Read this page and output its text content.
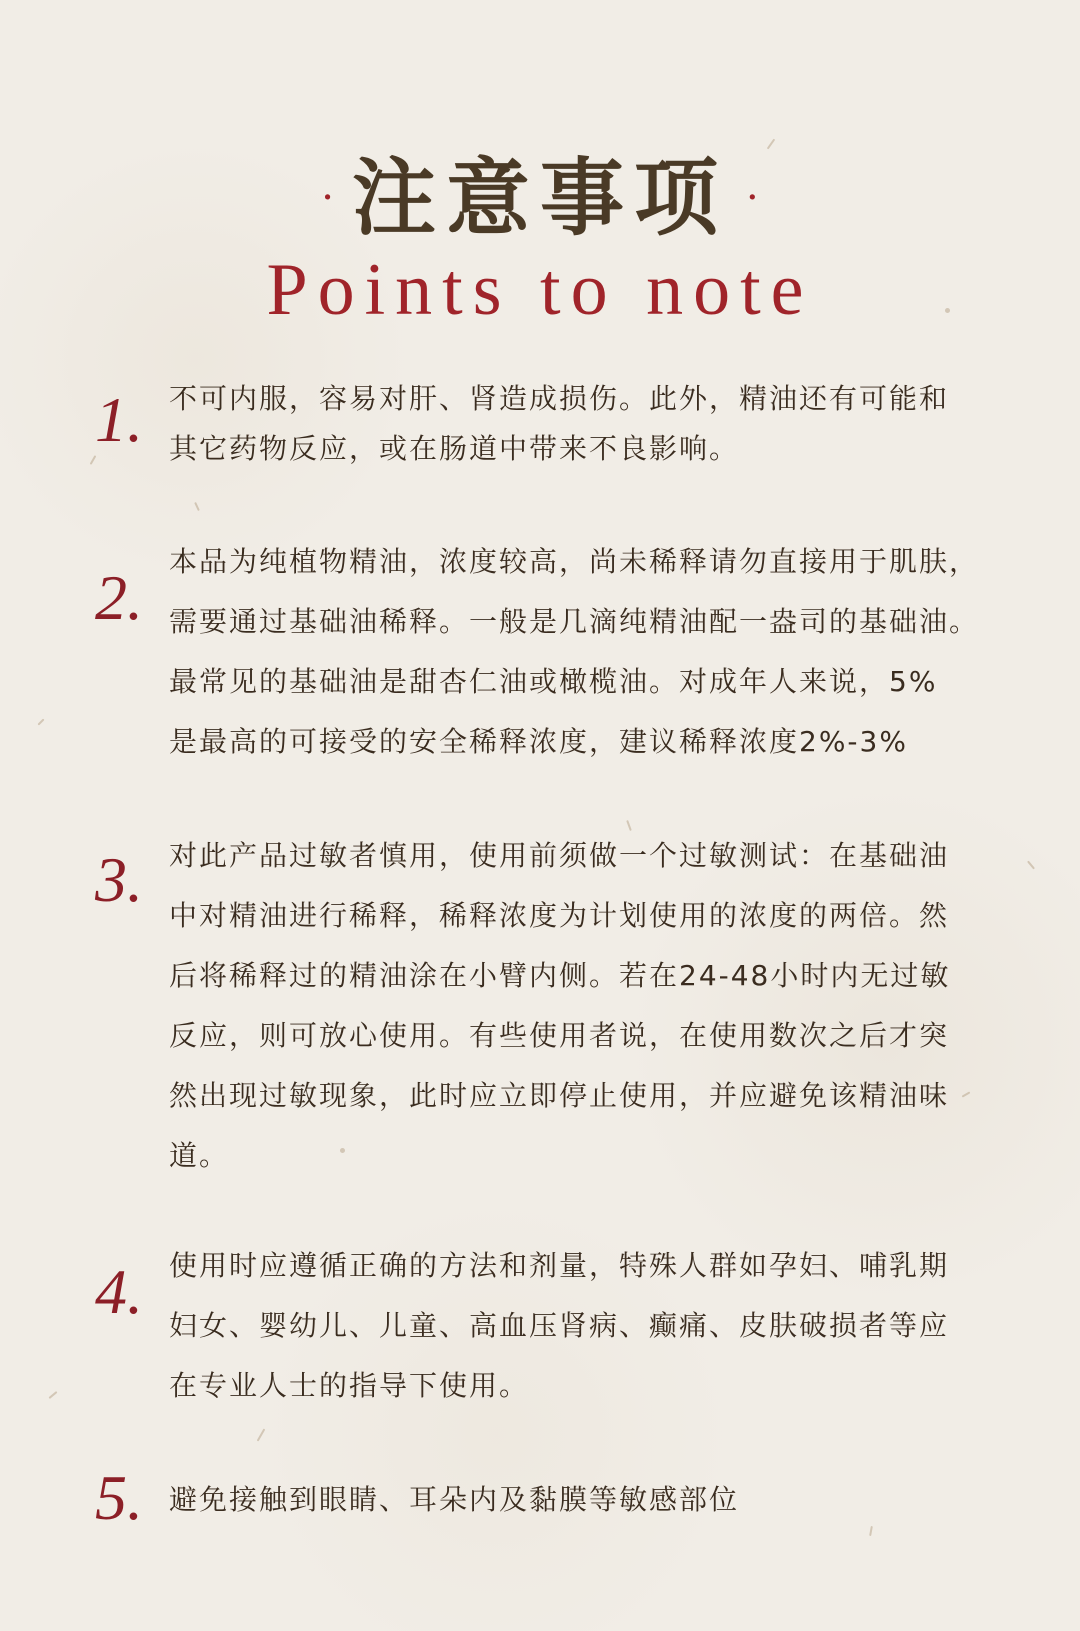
· 注意事项 ·
Points to note
1. 不可内服，容易对肝、肾造成损伤。此外，精油还有可能和
其它药物反应，或在肠道中带来不良影响。
2.
本品为纯植物精油，浓度较高，尚未稀释请勿直接用于肌肤，
需要通过基础油稀释。一般是几滴纯精油配一盎司的基础油。
最常见的基础油是甜杏仁油或橄榄油。对成年人来说，5%
是最高的可接受的安全稀释浓度，建议稀释浓度2%-3%
3. 对此产品过敏者慎用，使用前须做一个过敏测试：在基础油
中对精油进行稀释，稀释浓度为计划使用的浓度的两倍。然
后将稀释过的精油涂在小臂内侧。若在24-48小时内无过敏
反应，则可放心使用。有些使用者说，在使用数次之后才突
然出现过敏现象，此时应立即停止使用，并应避免该精油味
道。
4. 使用时应遵循正确的方法和剂量，特殊人群如孕妇、哺乳期
妇女、婴幼儿、儿童、高血压肾病、癫痛、皮肤破损者等应
在专业人士的指导下使用。
5. 避免接触到眼睛、耳朵内及黏膜等敏感部位
